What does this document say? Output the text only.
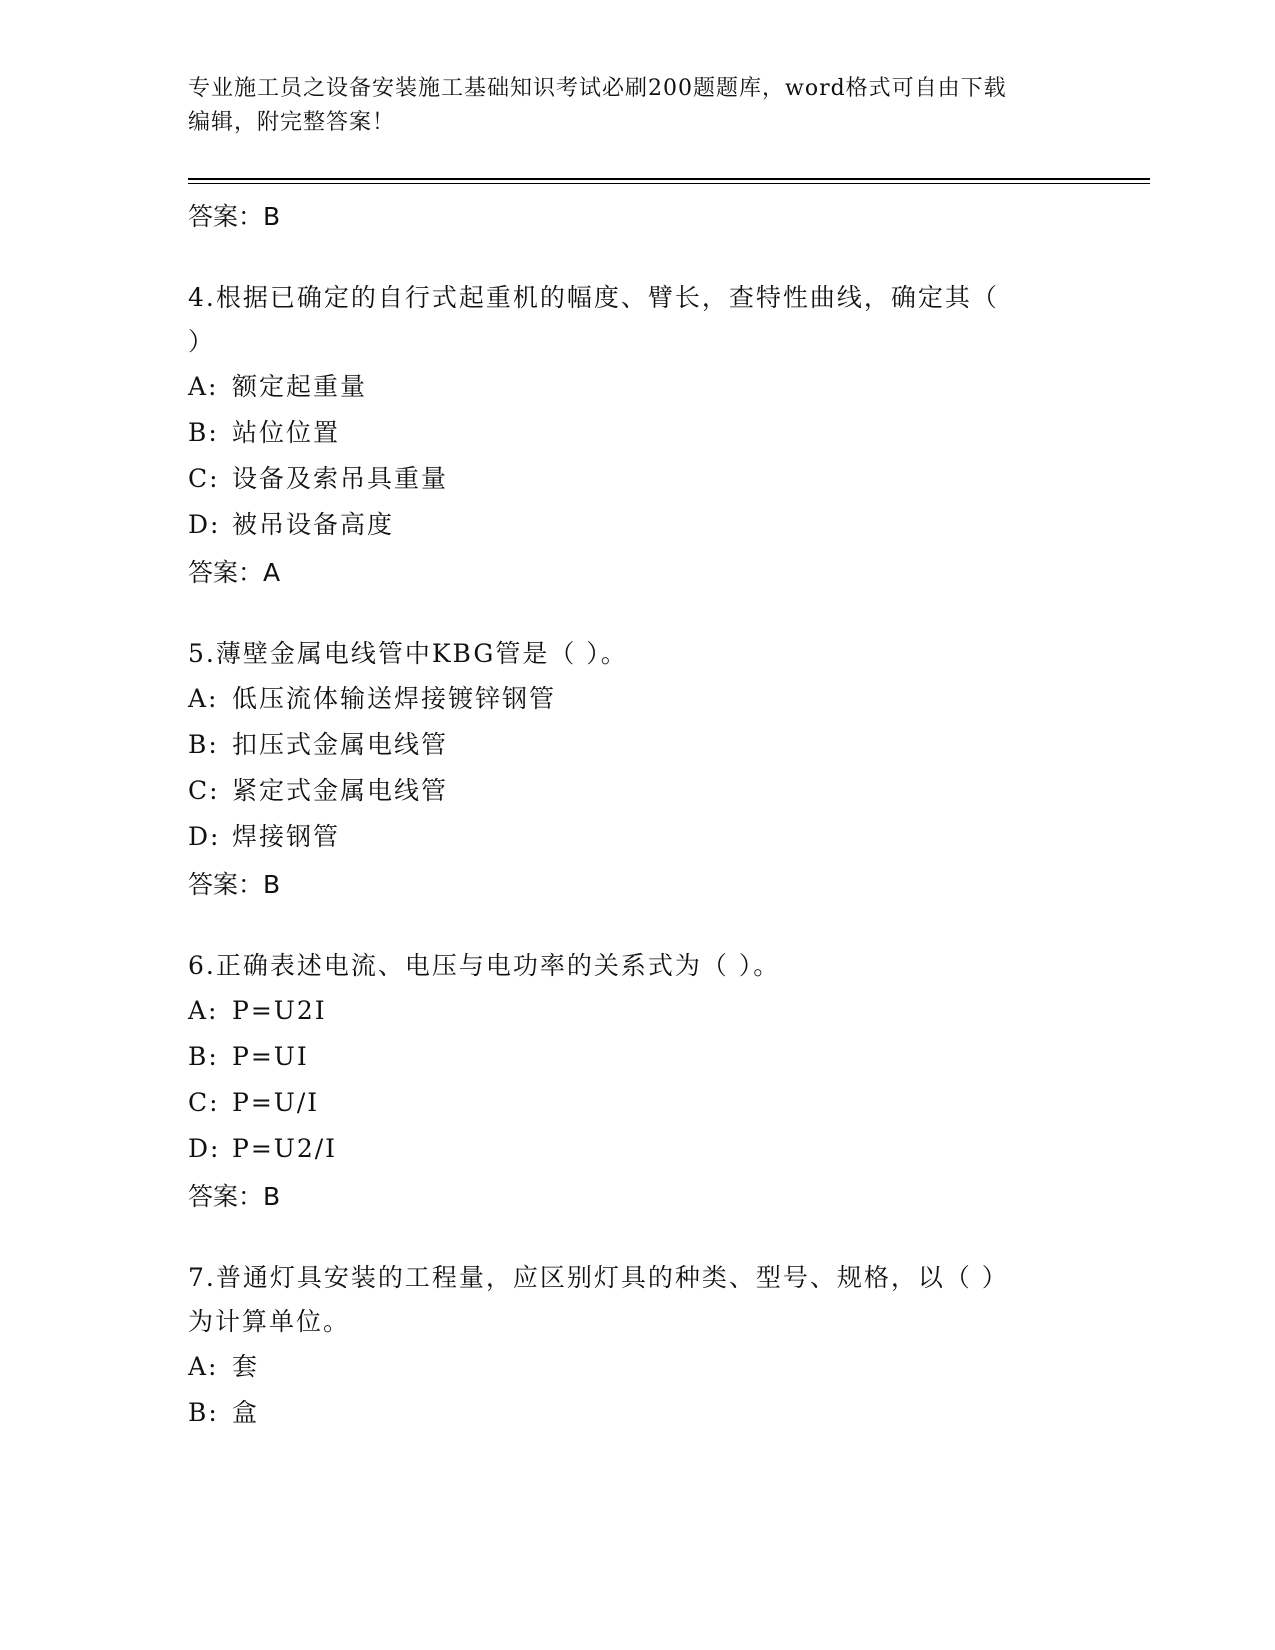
专业施工员之设备安装施工基础知识考试必刷200题题库，word格式可自由下载
编辑，附完整答案！
答案：B
4.根据已确定的自行式起重机的幅度、臂长，查特性曲线，确定其（
）
A: 额定起重量
B: 站位位置
C: 设备及索吊具重量
D: 被吊设备高度
答案：A
5.薄壁金属电线管中KBG管是（ ）。
A: 低压流体输送焊接镀锌钢管
B: 扣压式金属电线管
C: 紧定式金属电线管
D: 焊接钢管
答案：B
6.正确表述电流、电压与电功率的关系式为（ ）。
A: P=U2I
B: P=UI
C: P=U/I
D: P=U2/I
答案：B
7.普通灯具安装的工程量，应区别灯具的种类、型号、规格，以（ ）
为计算单位。
A: 套
B: 盒
